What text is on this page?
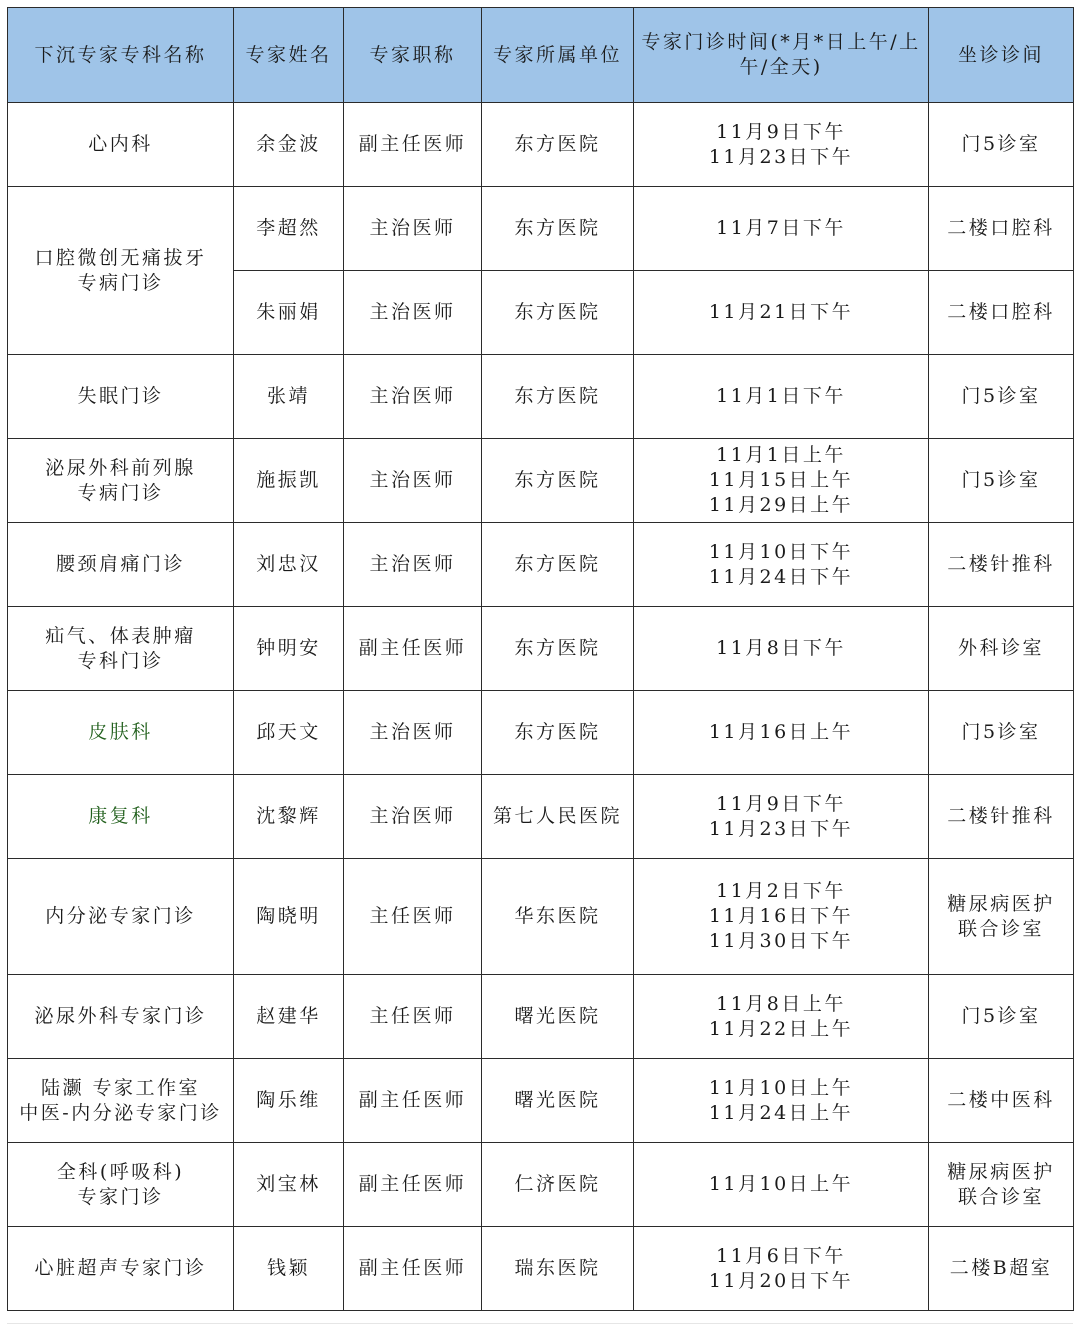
下沉专家专科名称	专家姓名	专家职称	专家所属单位	专家门诊时间(*月*日上午/上午/全天)	坐诊诊间

心内科	余金波	副主任医师	东方医院	11月9日下午
11月23日下午	门5诊室

口腔微创无痛拔牙
专病门诊	李超然	主治医师	东方医院	11月7日下午	二楼口腔科

	朱丽娟	主治医师	东方医院	11月21日下午	二楼口腔科

失眠门诊	张靖	主治医师	东方医院	11月1日下午	门5诊室

泌尿外科前列腺
专病门诊	施振凯	主治医师	东方医院	11月1日上午
11月15日上午
11月29日上午	门5诊室

腰颈肩痛门诊	刘忠汉	主治医师	东方医院	11月10日下午
11月24日下午	二楼针推科

疝气、体表肿瘤
专科门诊	钟明安	副主任医师	东方医院	11月8日下午	外科诊室

皮肤科	邱天文	主治医师	东方医院	11月16日上午	门5诊室

康复科	沈黎辉	主治医师	第七人民医院	11月9日下午
11月23日下午	二楼针推科

内分泌专家门诊	陶晓明	主任医师	华东医院	11月2日下午
11月16日下午
11月30日下午	糖尿病医护
联合诊室

泌尿外科专家门诊	赵建华	主任医师	曙光医院	11月8日上午
11月22日上午	门5诊室

陆灏 专家工作室
中医-内分泌专家门诊	陶乐维	副主任医师	曙光医院	11月10日上午
11月24日上午	二楼中医科

全科(呼吸科)
专家门诊	刘宝林	副主任医师	仁济医院	11月10日上午	糖尿病医护
联合诊室

心脏超声专家门诊	钱颖	副主任医师	瑞东医院	11月6日下午
11月20日下午	二楼B超室
